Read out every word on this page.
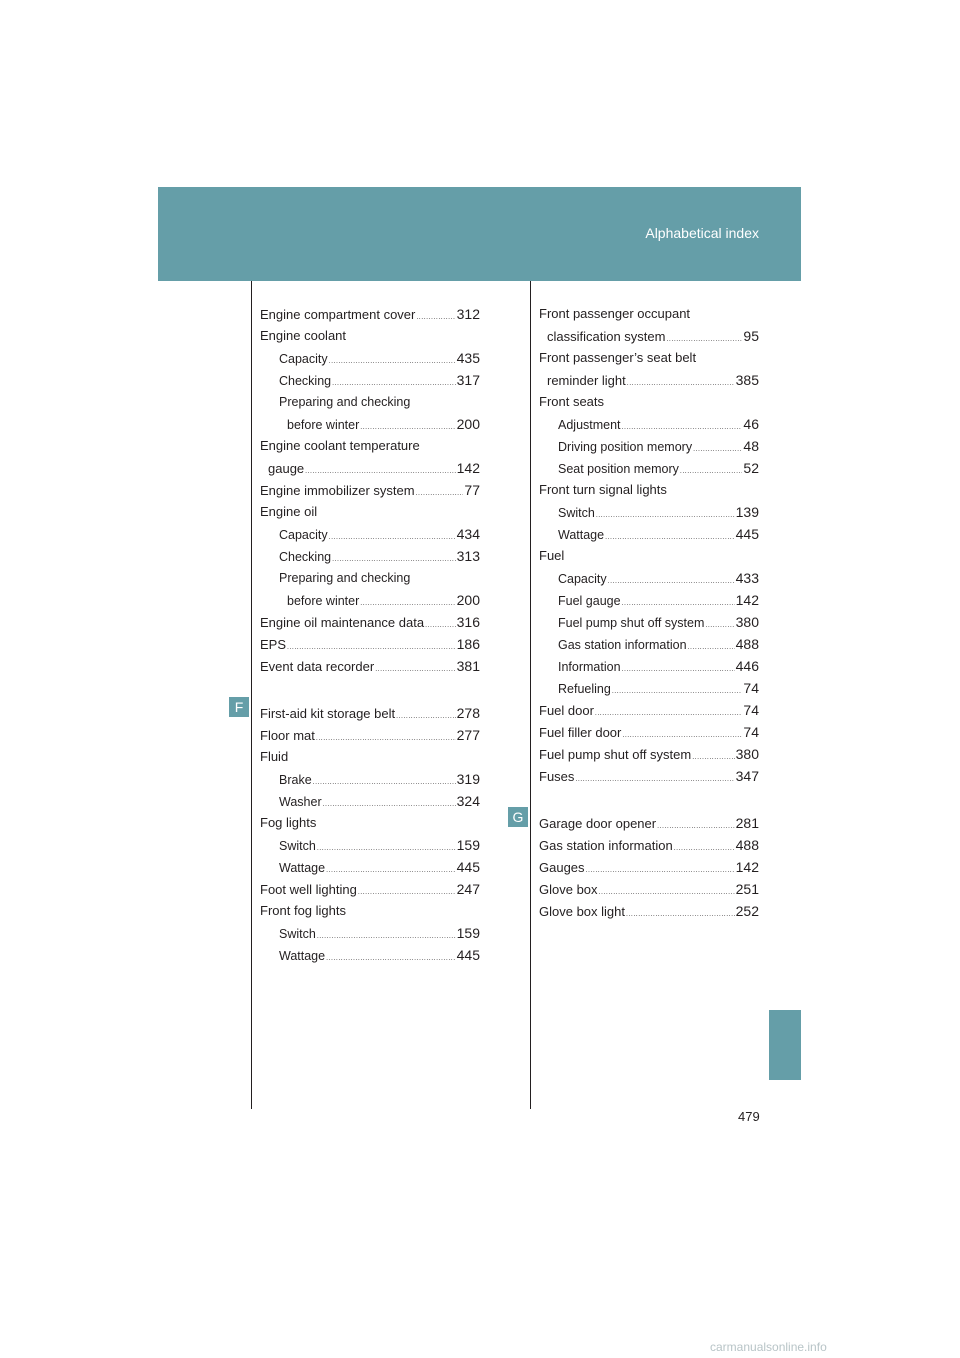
Alphabetical index
F
G
Engine compartment cover .....	312
Engine coolant
Capacity .....	435
Checking .....	317
Preparing and checking
before winter .....	200
Engine coolant temperature
gauge .....	142
Engine immobilizer system .....	77
Engine oil
Capacity .....	434
Checking .....	313
Preparing and checking
before winter .....	200
Engine oil maintenance data ..... 316
EPS .....	186
Event data recorder .....	381
First-aid kit storage belt .....	278
Floor mat .....	277
Fluid
Brake .....	319
Washer .....	324
Fog lights
Switch .....	159
Wattage .....	445
Foot well lighting .....	247
Front fog lights
Switch .....	159
Wattage .....	445
Front passenger occupant
classification system .....	95
Front passenger’s seat belt
reminder light .....	385
Front seats
Adjustment .....	46
Driving position memory .....	48
Seat position memory .....	52
Front turn signal lights
Switch .....	139
Wattage .....	445
Fuel
Capacity .....	433
Fuel gauge .....	142
Fuel pump shut off system ..... 380
Gas station information .....	488
Information .....	446
Refueling .....	74
Fuel door .....	74
Fuel filler door .....	74
Fuel pump shut off system .....	380
Fuses .....	347
Garage door opener .....	281
Gas station information .....	488
Gauges .....	142
Glove box .....	251
Glove box light .....	252
479
carmanualsonline.info
